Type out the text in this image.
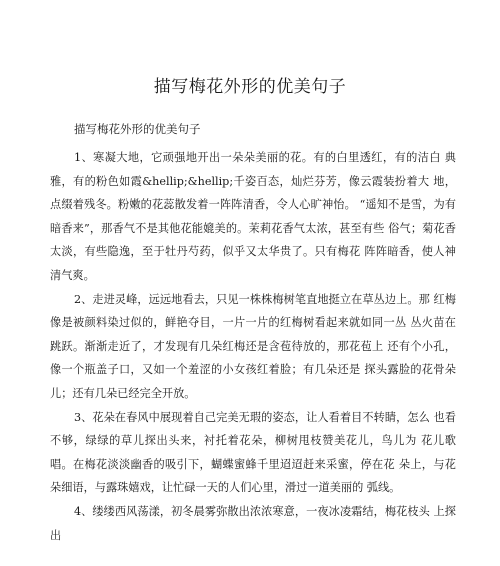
描写梅花外形的优美句子

描写梅花外形的优美句子

1、寒凝大地，它顽强地开出一朵朵美丽的花。有的白里透红，有的洁白 典雅，有的粉色如霞&hellip;&hellip;千姿百态，灿烂芬芳，像云霞装扮着大 地，点缀着残冬。粉嫩的花蕊散发着一阵阵清香，令人心旷神怡。 “遥知不是雪，为有暗香来”，那香气不是其他花能媲美的。茉莉花香气太浓，甚至有些 俗气；菊花香太淡，有些隐逸，至于牡丹芍药，似乎又太华贵了。只有梅花 阵阵暗香，使人神清气爽。

2、走进灵峰，远远地看去，只见一株株梅树笔直地挺立在草丛边上。那 红梅像是被颜料染过似的，鲜艳夺目，一片一片的红梅树看起来就如同一丛 丛火苗在跳跃。渐渐走近了，才发现有几朵红梅还是含苞待放的，那花苞上 还有个小孔，像一个瓶盖子口，又如一个羞涩的小女孩红着脸；有几朵还是 探头露脸的花骨朵儿；还有几朵已经完全开放。

3、花朵在春风中展现着自己完美无瑕的姿态，让人看着目不转睛，怎么 也看不够，绿绿的草儿探出头来，衬托着花朵，柳树甩枝赞美花儿，鸟儿为 花儿歌唱。在梅花淡淡幽香的吸引下，蝴蝶蜜蜂千里迢迢赶来采蜜，停在花 朵上，与花朵细语，与露珠嬉戏，让忙碌一天的人们心里，滑过一道美丽的 弧线。

4、缕缕西风荡漾，初冬晨雾弥散出浓浓寒意，一夜冰凌霜结，梅花枝头 上探出
